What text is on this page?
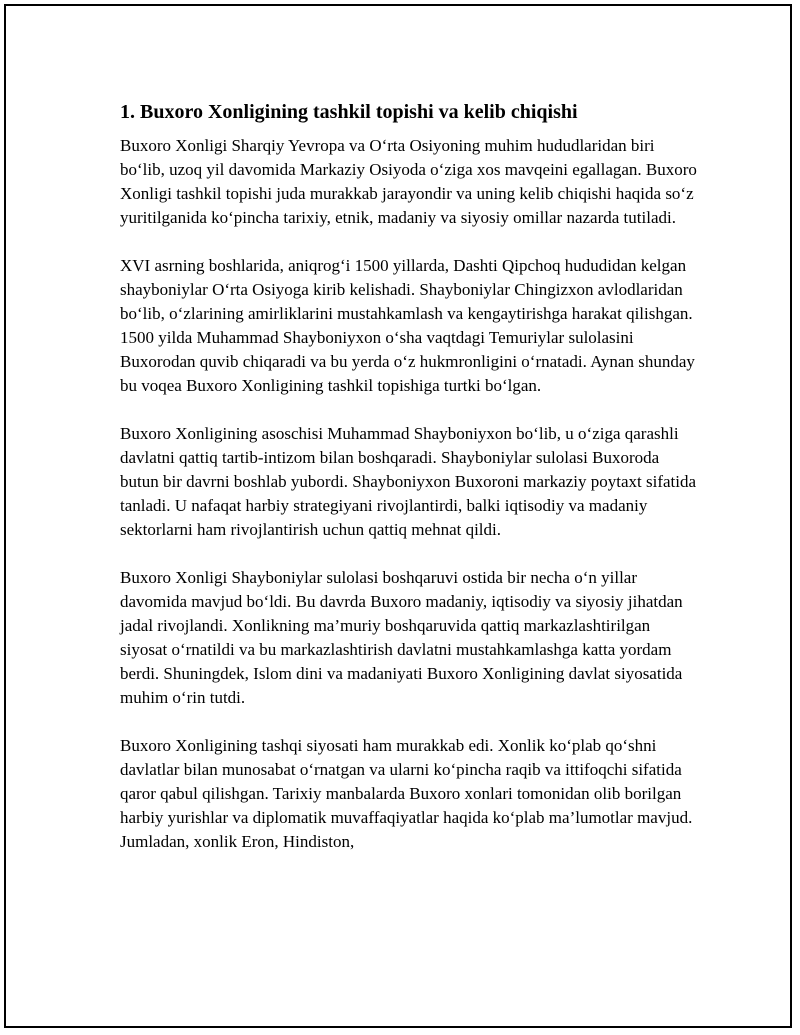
1. Buxoro Xonligining tashkil topishi va kelib chiqishi

Buxoro Xonligi Sharqiy Yevropa va O‘rta Osiyoning muhim hududlaridan biri bo‘lib, uzoq yil davomida Markaziy Osiyoda o‘ziga xos mavqeini egallagan. Buxoro Xonligi tashkil topishi juda murakkab jarayondir va uning kelib chiqishi haqida so‘z yuritilganida ko‘pincha tarixiy, etnik, madaniy va siyosiy omillar nazarda tutiladi.

XVI asrning boshlarida, aniqrog‘i 1500 yillarda, Dashti Qipchoq hududidan kelgan shayboniylar O‘rta Osiyoga kirib kelishadi. Shayboniylar Chingizxon avlodlaridan bo‘lib, o‘zlarining amirliklarini mustahkamlash va kengaytirishga harakat qilishgan. 1500 yilda Muhammad Shayboniyxon o‘sha vaqtdagi Temuriylar sulolasini Buxorodan quvib chiqaradi va bu yerda o‘z hukmronligini o‘rnatadi. Aynan shunday bu voqea Buxoro Xonligining tashkil topishiga turtki bo‘lgan.

Buxoro Xonligining asoschisi Muhammad Shayboniyxon bo‘lib, u o‘ziga qarashli davlatni qattiq tartib-intizom bilan boshqaradi. Shayboniylar sulolasi Buxoroda butun bir davrni boshlab yubordi. Shayboniyxon Buxoroni markaziy poytaxt sifatida tanladi. U nafaqat harbiy strategiyani rivojlantirdi, balki iqtisodiy va madaniy sektorlarni ham rivojlantirish uchun qattiq mehnat qildi.

Buxoro Xonligi Shayboniylar sulolasi boshqaruvi ostida bir necha o‘n yillar davomida mavjud bo‘ldi. Bu davrda Buxoro madaniy, iqtisodiy va siyosiy jihatdan jadal rivojlandi. Xonlikning ma’muriy boshqaruvida qattiq markazlashtirilgan siyosat o‘rnatildi va bu markazlashtirish davlatni mustahkamlashga katta yordam berdi. Shuningdek, Islom dini va madaniyati Buxoro Xonligining davlat siyosatida muhim o‘rin tutdi.

Buxoro Xonligining tashqi siyosati ham murakkab edi. Xonlik ko‘plab qo‘shni davlatlar bilan munosabat o‘rnatgan va ularni ko‘pincha raqib va ittifoqchi sifatida qaror qabul qilishgan. Tarixiy manbalarda Buxoro xonlari tomonidan olib borilgan harbiy yurishlar va diplomatik muvaffaqiyatlar haqida ko‘plab ma’lumotlar mavjud. Jumladan, xonlik Eron, Hindiston,
